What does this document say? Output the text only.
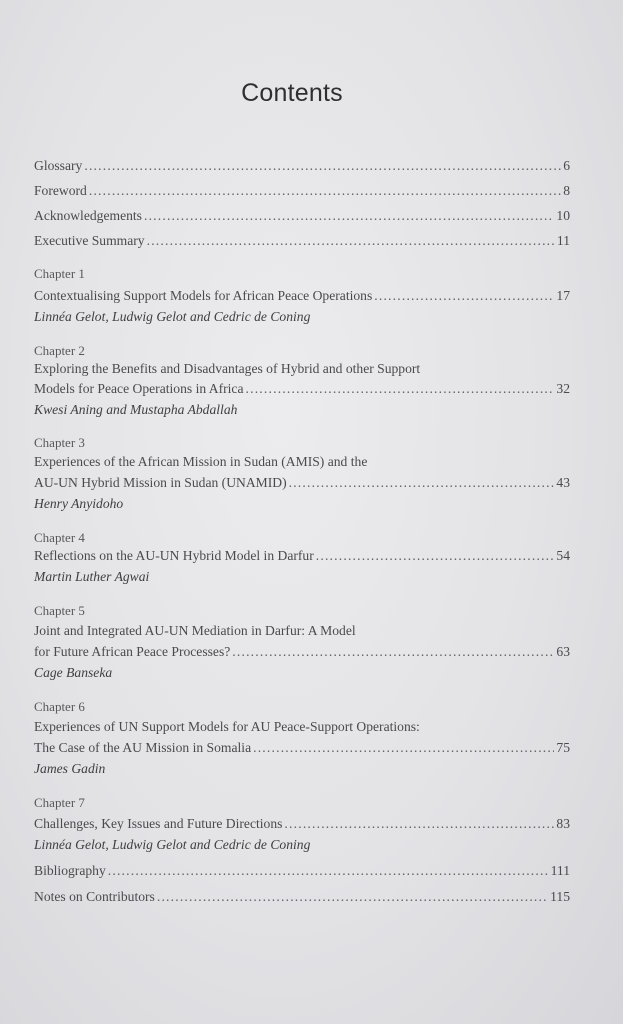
Contents
Glossary .....	6
Foreword .....	8
Acknowledgements .....	10
Executive Summary .....	11
Chapter 1
Contextualising Support Models for African Peace Operations .....	17
Linnéa Gelot, Ludwig Gelot and Cedric de Coning
Chapter 2
Exploring the Benefits and Disadvantages of Hybrid and other Support
Models for Peace Operations in Africa .....	32
Kwesi Aning and Mustapha Abdallah
Chapter 3
Experiences of the African Mission in Sudan (AMIS) and the
AU-UN Hybrid Mission in Sudan (UNAMID) .....	43
Henry Anyidoho
Chapter 4
Reflections on the AU-UN Hybrid Model in Darfur .....	54
Martin Luther Agwai
Chapter 5
Joint and Integrated AU-UN Mediation in Darfur: A Model
for Future African Peace Processes? .....	63
Cage Banseka
Chapter 6
Experiences of UN Support Models for AU Peace-Support Operations:
The Case of the AU Mission in Somalia .....	75
James Gadin
Chapter 7
Challenges, Key Issues and Future Directions .....	83
Linnéa Gelot, Ludwig Gelot and Cedric de Coning
Bibliography .....	111
Notes on Contributors .....	115
